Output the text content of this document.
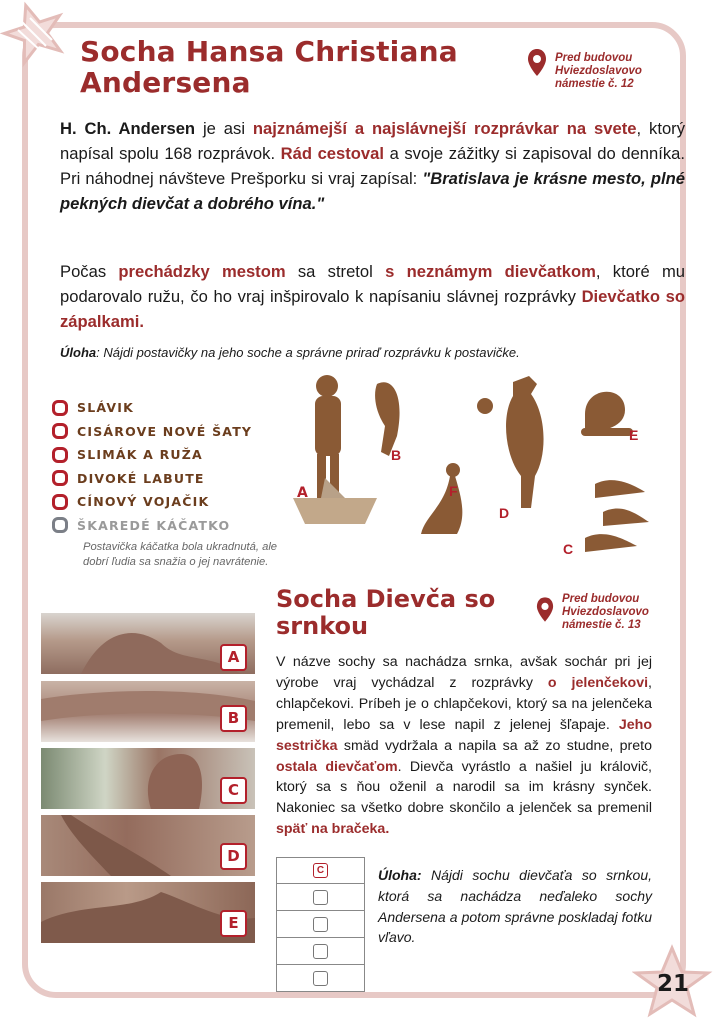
Socha Hansa Christiana Andersena
Pred budovou
Hviezdoslavovo
námestie č. 12

H. Ch. Andersen je asi najznámejší a najslávnejší rozprávkar na svete, ktorý napísal spolu 168 rozprávok. Rád cestoval a svoje zážitky si zapisoval do denníka. Pri náhodnej návšteve Prešporku si vraj zapísal: "Bratislava je krásne mesto, plné pekných dievčat a dobrého vína."

Počas prechádzky mestom sa stretol s neznámym dievčatkom, ktoré mu podarovalo ružu, čo ho vraj inšpirovalo k napísaniu slávnej rozprávky Dievčatko so zápalkami.

Úloha: Nájdi postavičky na jeho soche a správne priraď rozprávku k postavičke.
SLÁVIK
CISÁROVE NOVÉ ŠATY
SLIMÁK A RUŽA
DIVOKÉ LABUTE
CÍNOVÝ VOJAČIK
ŠKAREDÉ KÁČATKO
Postavička káčatka bola ukradnutá, ale dobrí ľudia sa snažia o jej navrátenie.
A
B
E
F
D
C
A
B
C
D
E
Socha Dievča so srnkou
Pred budovou
Hviezdoslavovo
námestie č. 13

V názve sochy sa nachádza srnka, avšak sochár pri jej výrobe vraj vychádzal z rozprávky o jelenčekovi, chlapčekovi. Príbeh je o chlapčekovi, ktorý sa na jelenčeka premenil, lebo sa v lese napil z jelenej šľapaje. Jeho sestrička smäd vydržala a napila sa až zo studne, preto ostala dievčaťom. Dievča vyrástlo a našiel ju královič, ktorý sa s ňou oženil a narodil sa im krásny synček. Nakoniec sa všetko dobre skončilo a jelenček sa premenil späť na bračeka.

C	Úloha: Nájdi sochu dievčaťa so srnkou, ktorá sa nachádza neďaleko sochy Andersena a potom správne poskladaj fotku vľavo.

21
